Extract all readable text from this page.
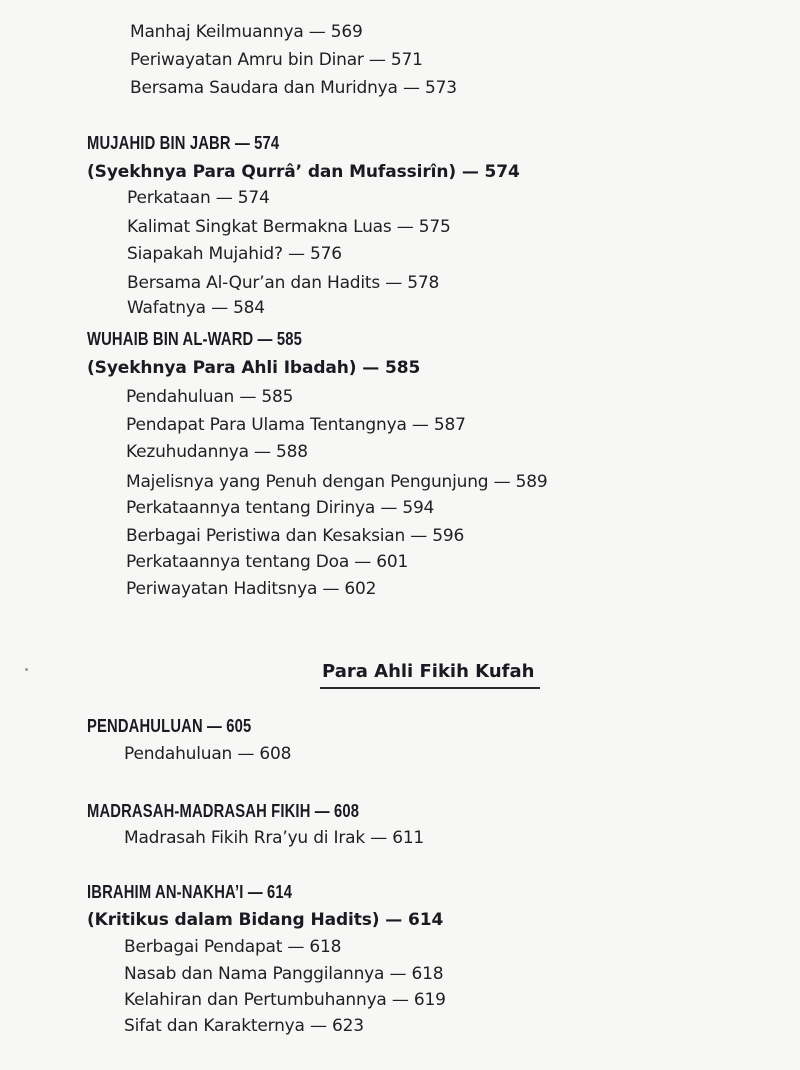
Manhaj Keilmuannya — 569
Periwayatan Amru bin Dinar — 571
Bersama Saudara dan Muridnya — 573
MUJAHID BIN JABR — 574
(Syekhnya Para Qurrâ’ dan Mufassirîn) — 574
Perkataan — 574
Kalimat Singkat Bermakna Luas — 575
Siapakah Mujahid? — 576
Bersama Al-Qur’an dan Hadits — 578
Wafatnya — 584
WUHAIB BIN AL-WARD — 585
(Syekhnya Para Ahli Ibadah) — 585
Pendahuluan — 585
Pendapat Para Ulama Tentangnya — 587
Kezuhudannya — 588
Majelisnya yang Penuh dengan Pengunjung — 589
Perkataannya tentang Dirinya — 594
Berbagai Peristiwa dan Kesaksian — 596
Perkataannya tentang Doa — 601
Periwayatan Haditsnya — 602
Para Ahli Fikih Kufah
PENDAHULUAN — 605
Pendahuluan — 608
MADRASAH-MADRASAH FIKIH — 608
Madrasah Fikih Rra’yu di Irak — 611
IBRAHIM AN-NAKHA’I — 614
(Kritikus dalam Bidang Hadits) — 614
Berbagai Pendapat — 618
Nasab dan Nama Panggilannya — 618
Kelahiran dan Pertumbuhannya — 619
Sifat dan Karakternya — 623
